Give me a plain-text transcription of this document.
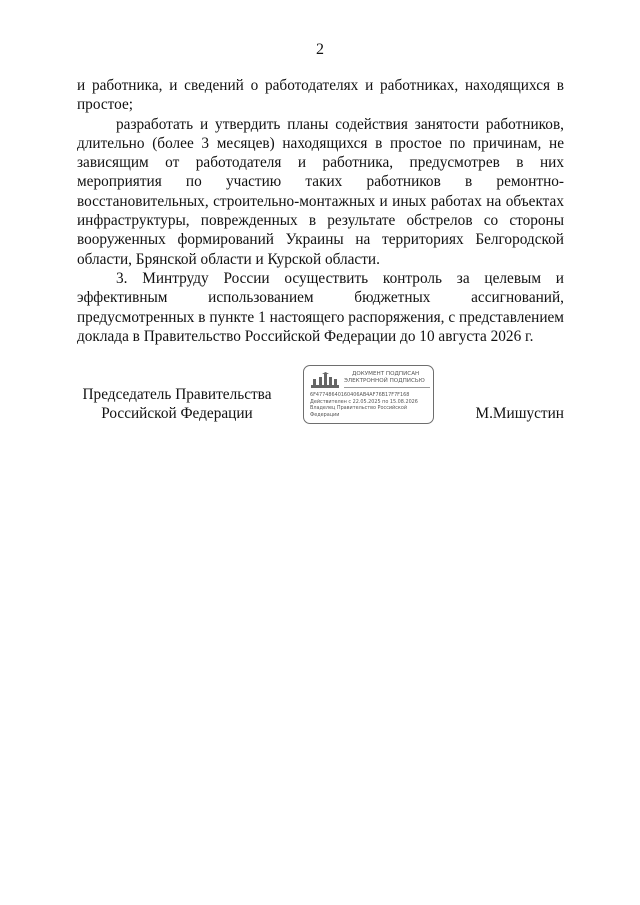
2

и работника, и сведений о работодателях и работниках, находящихся в простое;

разработать и утвердить планы содействия занятости работников, длительно (более 3 месяцев) находящихся в простое по причинам, не зависящим от работодателя и работника, предусмотрев в них мероприятия по участию таких работников в ремонтно-восстановительных, строительно-монтажных и иных работах на объектах инфраструктуры, поврежденных в результате обстрелов со стороны вооруженных формирований Украины на территориях Белгородской области, Брянской области и Курской области.

3. Минтруду России осуществить контроль за целевым и эффективным использованием бюджетных ассигнований, предусмотренных в пункте 1 настоящего распоряжения, с представлением доклада в Правительство Российской Федерации до 10 августа 2026 г.

Председатель Правительства
Российской Федерации
ДОКУМЕНТ ПОДПИСАН
ЭЛЕКТРОННОЙ ПОДПИСЬЮ
6F47748640160406AB4AF76B17F7F168
Действителен с 22.05.2025 по 15.08.2026
Владелец Правительство Российской
Федерации	М.Мишустин
